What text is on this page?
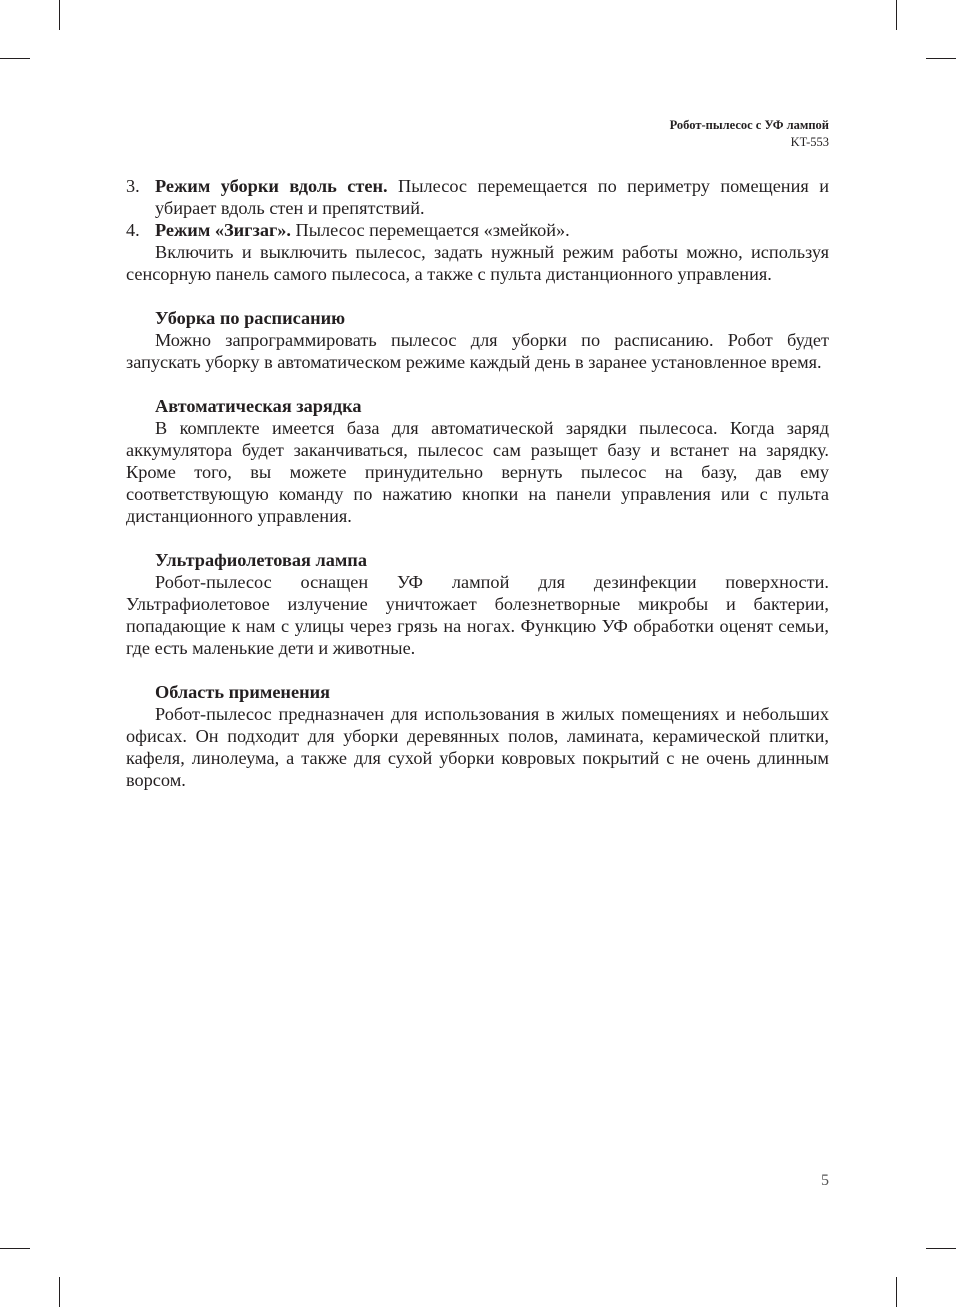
Робот-пылесос с УФ лампой
KT-553
3. Режим уборки вдоль стен. Пылесос перемещается по периметру помещения и убирает вдоль стен и препятствий.
4. Режим «Зигзаг». Пылесос перемещается «змейкой».

Включить и выключить пылесос, задать нужный режим работы можно, используя сенсорную панель самого пылесоса, а также с пульта дистанционного управления.

Уборка по расписанию

Можно запрограммировать пылесос для уборки по расписанию. Робот будет запускать уборку в автоматическом режиме каждый день в заранее установленное время.

Автоматическая зарядка

В комплекте имеется база для автоматической зарядки пылесоса. Когда заряд аккумулятора будет заканчиваться, пылесос сам разыщет базу и встанет на зарядку. Кроме того, вы можете принудительно вернуть пылесос на базу, дав ему соответствующую команду по нажатию кнопки на панели управления или с пульта дистанционного управления.

Ультрафиолетовая лампа

Робот-пылесос оснащен УФ лампой для дезинфекции поверхности. Ультрафиолетовое излучение уничтожает болезнетворные микробы и бактерии, попадающие к нам с улицы через грязь на ногах. Функцию УФ обработки оценят семьи, где есть маленькие дети и животные.

Область применения

Робот-пылесос предназначен для использования в жилых помещениях и небольших офисах. Он подходит для уборки деревянных полов, ламината, керамической плитки, кафеля, линолеума, а также для сухой уборки ковровых покрытий с не очень длинным ворсом.

5
